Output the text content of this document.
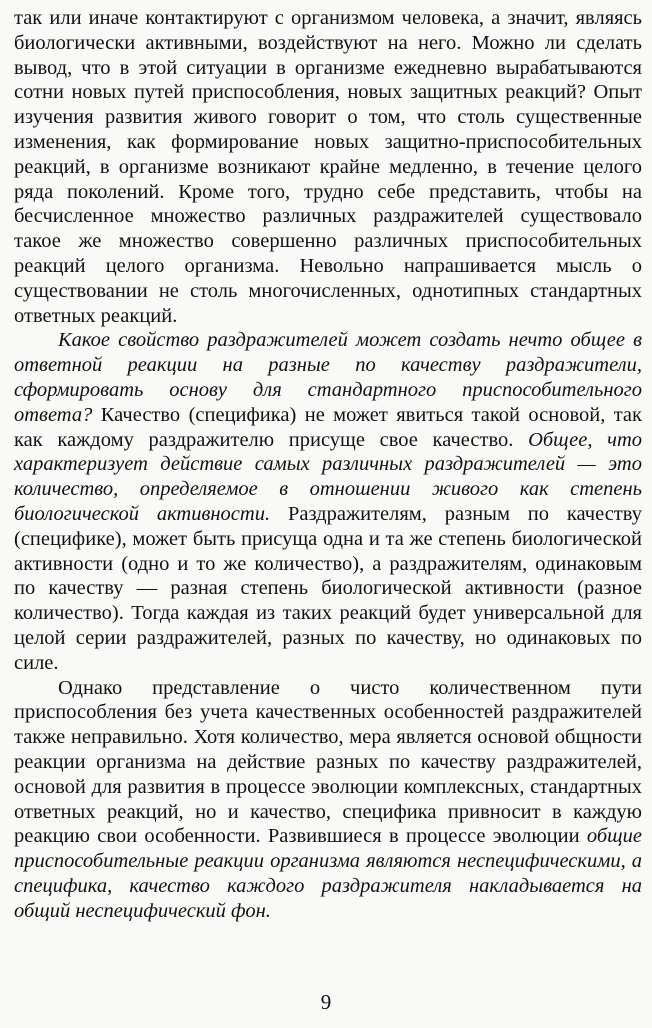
так или иначе контактируют с организмом человека, а значит, являясь биологически активными, воздействуют на него. Можно ли сделать вывод, что в этой ситуации в организме ежедневно вырабатываются сотни новых путей приспособления, новых защитных реакций? Опыт изучения развития живого говорит о том, что столь существенные изменения, как формирование новых защитно-приспособительных реакций, в организме возникают крайне медленно, в течение целого ряда поколений. Кроме того, трудно себе представить, чтобы на бесчисленное множество различных раздражителей существовало такое же множество совершенно различных приспособительных реакций целого организма. Невольно напрашивается мысль о существовании не столь многочисленных, однотипных стандартных ответных реакций.

Какое свойство раздражителей может создать нечто общее в ответной реакции на разные по качеству раздражители, сформировать основу для стандартного приспособительного ответа? Качество (специфика) не может явиться такой основой, так как каждому раздражителю присуще свое качество. Общее, что характеризует действие самых различных раздражителей — это количество, определяемое в отношении живого как степень биологической активности. Раздражителям, разным по качеству (специфике), может быть присуща одна и та же степень биологической активности (одно и то же количество), а раздражителям, одинаковым по качеству — разная степень биологической активности (разное количество). Тогда каждая из таких реакций будет универсальной для целой серии раздражителей, разных по качеству, но одинаковых по силе.

Однако представление о чисто количественном пути приспособления без учета качественных особенностей раздражителей также неправильно. Хотя количество, мера является основой общности реакции организма на действие разных по качеству раздражителей, основой для развития в процессе эволюции комплексных, стандартных ответных реакций, но и качество, специфика привносит в каждую реакцию свои особенности. Развившиеся в процессе эволюции общие приспособительные реакции организма являются неспецифическими, а специфика, качество каждого раздражителя накладывается на общий неспецифический фон.

9
